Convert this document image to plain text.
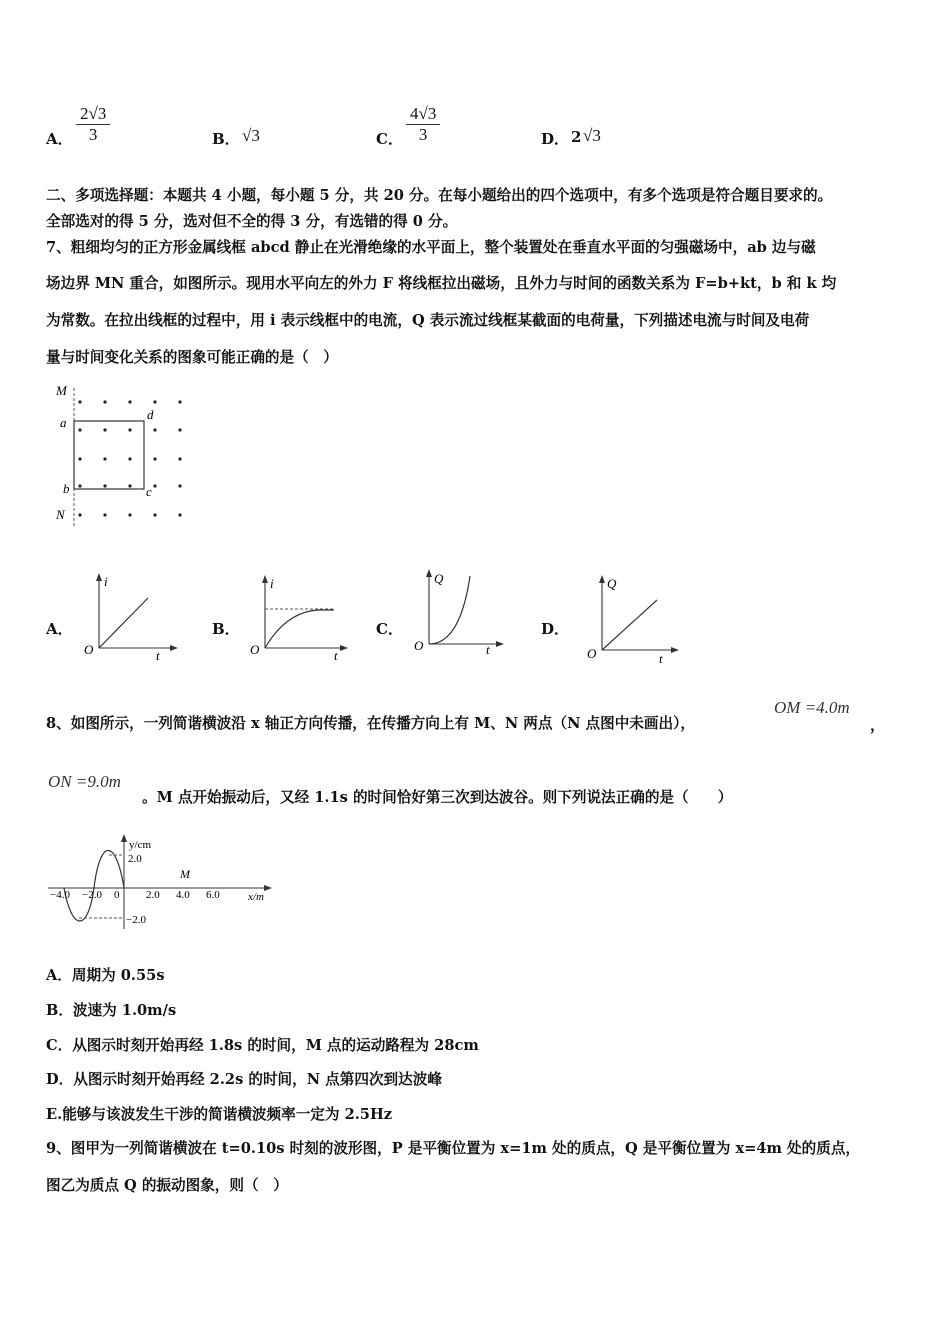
A． $\frac{2√3}{3}$	B． √3	C． $\frac{4√3}{3}$	D． 2 √3
二、多项选择题：本题共 4 小题，每小题 5 分，共 20 分。在每小题给出的四个选项中，有多个选项是符合题目要求的。
全部选对的得 5 分，选对但不全的得 3 分，有选错的得 0 分。
7、粗细均匀的正方形金属线框 abcd 静止在光滑绝缘的水平面上，整个装置处在垂直水平面的匀强磁场中，ab 边与磁
场边界 MN 重合，如图所示。现用水平向左的外力 F 将线框拉出磁场，且外力与时间的函数关系为 F=b+kt，b 和 k 均
为常数。在拉出线框的过程中，用 i 表示线框中的电流，Q 表示流过线框某截面的电荷量，下列描述电流与时间及电荷
量与时间变化关系的图象可能正确的是（　）
M
a
d
b	c
N
A．
i
O	t
B．
i
O	t
C．
Q
O	t
D．
Q
O	t
8、如图所示，一列简谐横波沿 x 轴正方向传播，在传播方向上有 M、N 两点（N 点图中未画出），
OM =4.0m
，
ON =9.0m
。M 点开始振动后，又经 1.1s 的时间恰好第三次到达波谷。则下列说法正确的是（　　）
y/cm
2.0
−2.0
−4.0 −2.0 0 2.0 4.0 6.0
M
x/m
A．周期为 0.55s
B．波速为 1.0m/s
C．从图示时刻开始再经 1.8s 的时间，M 点的运动路程为 28cm
D．从图示时刻开始再经 2.2s 的时间，N 点第四次到达波峰
E.能够与该波发生干涉的简谐横波频率一定为 2.5Hz
9、图甲为一列简谐横波在 t=0.10s 时刻的波形图，P 是平衡位置为 x=1m 处的质点，Q 是平衡位置为 x=4m 处的质点，
图乙为质点 Q 的振动图象，则（　）
